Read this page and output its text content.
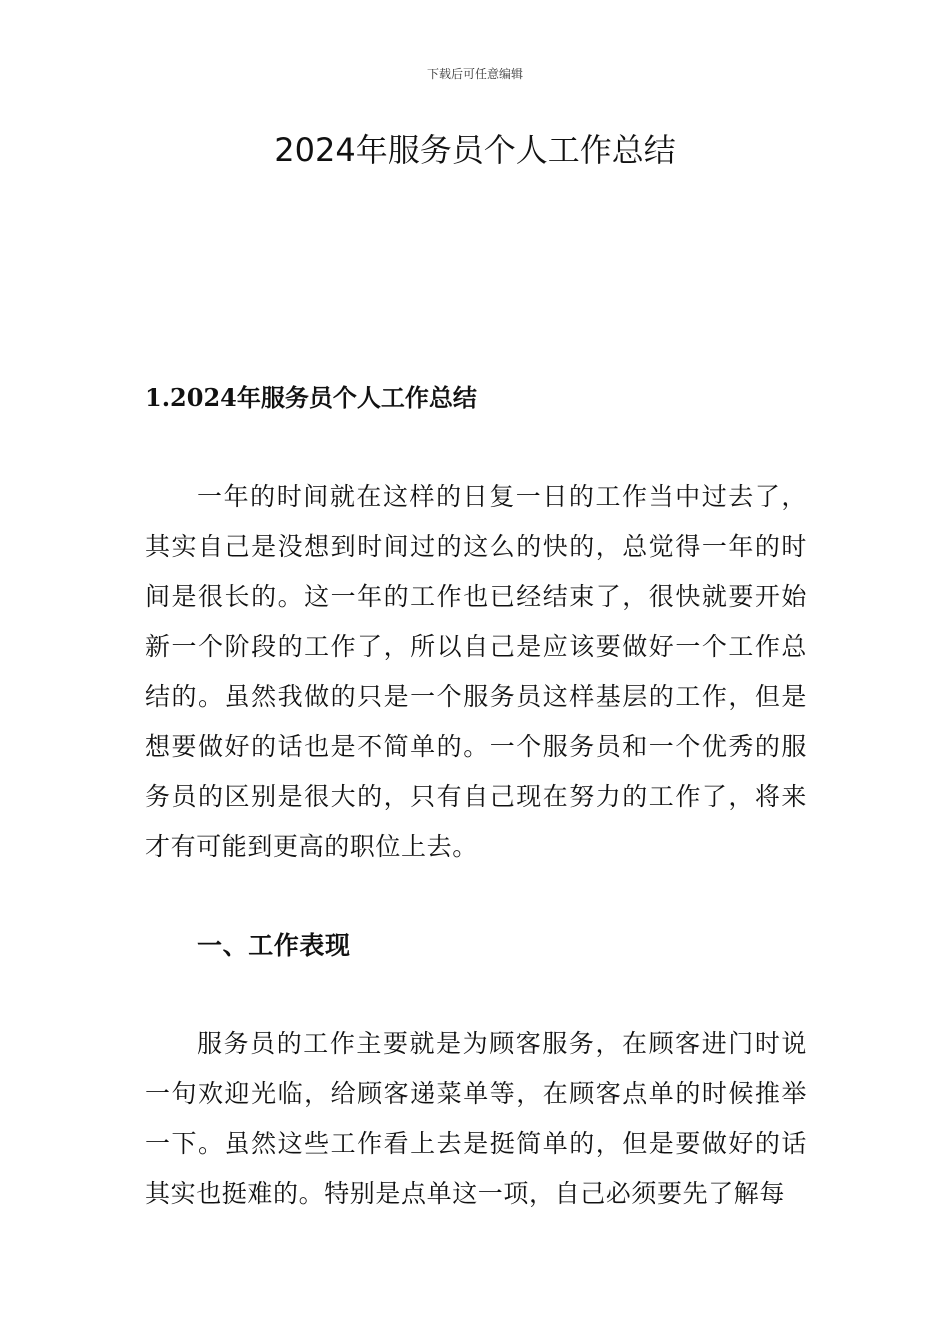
下载后可任意编辑
2024年服务员个人工作总结
1.2024年服务员个人工作总结

一年的时间就在这样的日复一日的工作当中过去了，其实自己是没想到时间过的这么的快的，总觉得一年的时间是很长的。这一年的工作也已经结束了，很快就要开始新一个阶段的工作了，所以自己是应该要做好一个工作总结的。虽然我做的只是一个服务员这样基层的工作，但是想要做好的话也是不简单的。一个服务员和一个优秀的服务员的区别是很大的，只有自己现在努力的工作了，将来才有可能到更高的职位上去。

一、工作表现

服务员的工作主要就是为顾客服务，在顾客进门时说一句欢迎光临，给顾客递菜单等，在顾客点单的时候推举一下。虽然这些工作看上去是挺简单的，但是要做好的话其实也挺难的。特别是点单这一项，自己必须要先了解每
